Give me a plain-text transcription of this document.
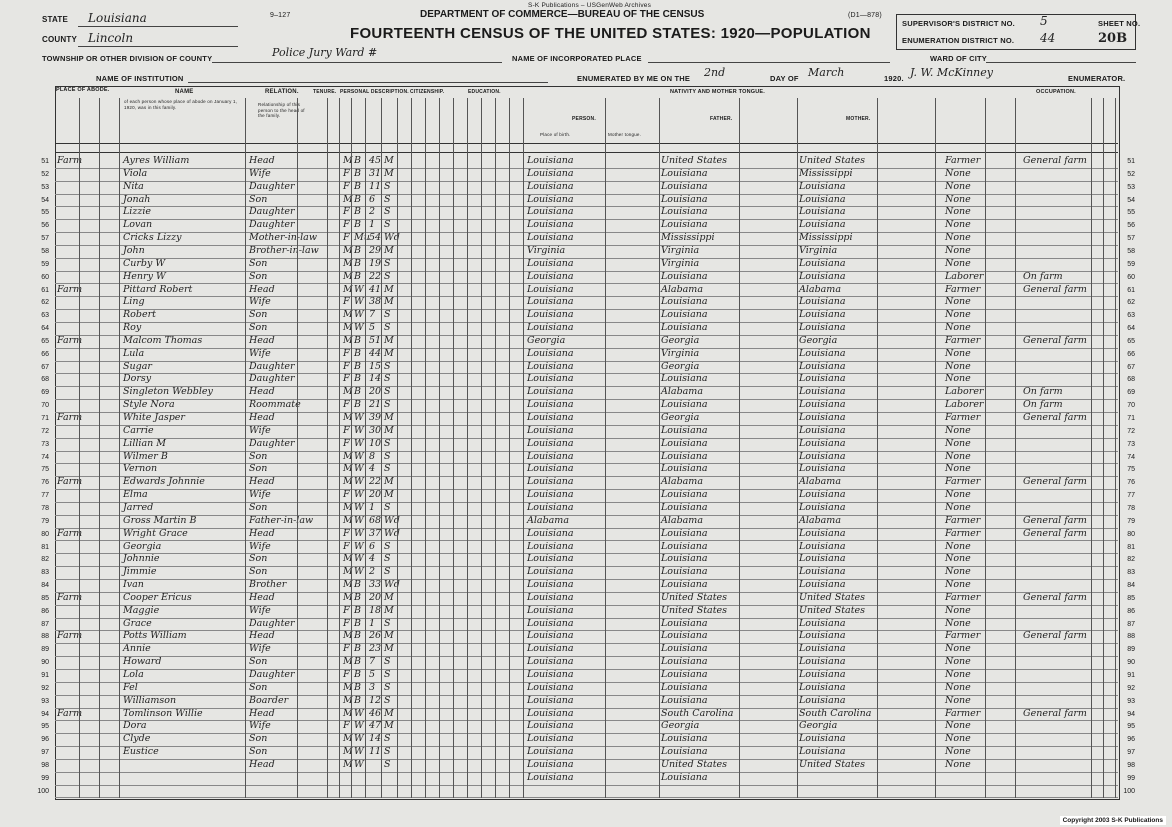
S-K Publications – USGenWeb Archives
9–127	(D1—878)
DEPARTMENT OF COMMERCE—BUREAU OF THE CENSUS
FOURTEENTH CENSUS OF THE UNITED STATES: 1920—POPULATION
STATE Louisiana
COUNTY Lincoln
TOWNSHIP OR OTHER DIVISION OF COUNTY	Police Jury Ward #
NAME OF INSTITUTION
NAME OF INCORPORATED PLACE
ENUMERATED BY ME ON THE 2nd	DAY OF March	1920. J. W. McKinney	ENUMERATOR.
SUPERVISOR'S DISTRICT NO. 5	SHEET NO.
ENUMERATION DISTRICT NO. 44	20B
WARD OF CITY
PLACE OF ABODE.	NAME	RELATION.	TENURE. PERSONAL DESCRIPTION. CITIZENSHIP.	EDUCATION.	NATIVITY AND MOTHER TONGUE.	OCCUPATION.
PERSON.	FATHER.	MOTHER.
of each person whose place of abode on January 1, 1920, was in this family.	Relationship of this person to the head of the family.
Place of birth.	Mother tongue.
51	51
Farm	Ayres William	Head	M B 45 M	Louisiana	United States	United States	Farmer	General farm
52	52
Viola	Wife	F B 31 M	Louisiana	Louisiana	Mississippi	None
53	53
Nita	Daughter	F B 11 S	Louisiana	Louisiana	Louisiana	None
54	54
Jonah	Son	M B 6 S	Louisiana	Louisiana	Louisiana	None
55	55
Lizzie	Daughter	F B 2 S	Louisiana	Louisiana	Louisiana	None
56	56
Lovan	Daughter	F B 1 S	Louisiana	Louisiana	Louisiana	None
57	57
Cricks Lizzy	Mother-in-law	F Mu 54 Wd	Louisiana	Mississippi	Mississippi	None
58	58
John	Brother-in-law	M B 29 M	Virginia	Virginia	Virginia	None
59	59
Curby W	Son	M B 19 S	Louisiana	Virginia	Louisiana	None
60	60
Henry W	Son	M B 22 S	Louisiana	Louisiana	Louisiana	Laborer	On farm
61	61
Farm	Pittard Robert	Head	M W 41 M	Louisiana	Alabama	Alabama	Farmer	General farm
62	62
Ling	Wife	F W 38 M	Louisiana	Louisiana	Louisiana	None
63	63
Robert	Son	M W 7 S	Louisiana	Louisiana	Louisiana	None
64	64
Roy	Son	M W 5 S	Louisiana	Louisiana	Louisiana	None
65	65
Farm	Malcom Thomas	Head	M B 51 M	Georgia	Georgia	Georgia	Farmer	General farm
66	66
Lula	Wife	F B 44 M	Louisiana	Virginia	Louisiana	None
67	67
Sugar	Daughter	F B 15 S	Louisiana	Georgia	Louisiana	None
68	68
Dorsy	Daughter	F B 14 S	Louisiana	Louisiana	Louisiana	None
69	69
Singleton Webbley	Head	M B 20 S	Louisiana	Alabama	Louisiana	Laborer	On farm
70	70
Style Nora	Roommate	F B 21 S	Louisiana	Louisiana	Louisiana	Laborer	On farm
71	71
Farm	White Jasper	Head	M W 39 M	Louisiana	Georgia	Louisiana	Farmer	General farm
72	72
Carrie	Wife	F W 30 M	Louisiana	Louisiana	Louisiana	None
73	73
Lillian M	Daughter	F W 10 S	Louisiana	Louisiana	Louisiana	None
74	74
Wilmer B	Son	M W 8 S	Louisiana	Louisiana	Louisiana	None
75	75
Vernon	Son	M W 4 S	Louisiana	Louisiana	Louisiana	None
76	76
Farm	Edwards Johnnie	Head	M W 22 M	Louisiana	Alabama	Alabama	Farmer	General farm
77	77
Elma	Wife	F W 20 M	Louisiana	Louisiana	Louisiana	None
78	78
Jarred	Son	M W 1 S	Louisiana	Louisiana	Louisiana	None
79	79
Gross Martin B	Father-in-law	M W 68 Wd	Alabama	Alabama	Alabama	Farmer	General farm
80	80
Farm	Wright Grace	Head	F W 37 Wd	Louisiana	Louisiana	Louisiana	Farmer	General farm
81	81
Georgia	Wife	F W 6 S	Louisiana	Louisiana	Louisiana	None
82	82
Johnnie	Son	M W 4 S	Louisiana	Louisiana	Louisiana	None
83	83
Jimmie	Son	M W 2 S	Louisiana	Louisiana	Louisiana	None
84	84
Ivan	Brother	M B 33 Wd	Louisiana	Louisiana	Louisiana	None
85	85
Farm	Cooper Ericus	Head	M B 20 M	Louisiana	United States	United States	Farmer	General farm
86	86
Maggie	Wife	F B 18 M	Louisiana	United States	United States	None
87	87
Grace	Daughter	F B 1 S	Louisiana	Louisiana	Louisiana	None
88	88
Farm	Potts William	Head	M B 26 M	Louisiana	Louisiana	Louisiana	Farmer	General farm
89	89
Annie	Wife	F B 23 M	Louisiana	Louisiana	Louisiana	None
90	90
Howard	Son	M B 7 S	Louisiana	Louisiana	Louisiana	None
91	91
Lola	Daughter	F B 5 S	Louisiana	Louisiana	Louisiana	None
92	92
Fel	Son	M B 3 S	Louisiana	Louisiana	Louisiana	None
93	93
Williamson	Boarder	M B 12 S	Louisiana	Louisiana	Louisiana	None
94	94
Farm	Tomlinson Willie	Head	M W 46 M	Louisiana	South Carolina	South Carolina	Farmer	General farm
95	95
Dora	Wife	F W 47 M	Louisiana	Georgia	Georgia	None
96	96
Clyde	Son	M W 14 S	Louisiana	Louisiana	Louisiana	None
97	97
Eustice	Son	M W 11 S	Louisiana	Louisiana	Louisiana	None
98	98
Head	M W S	Louisiana	United States	United States	None
99	99
Louisiana	Louisiana
100	100
Copyright 2003 S-K Publications
